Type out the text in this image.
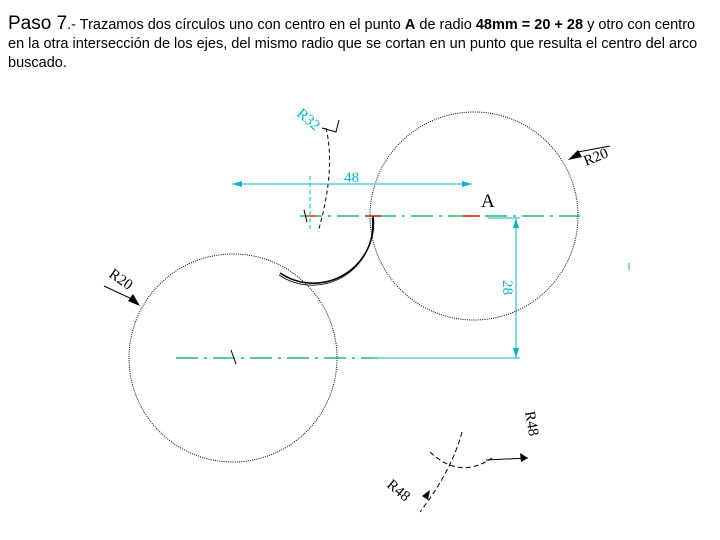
Paso 7.- Trazamos dos círculos uno con centro en el punto A de radio 48mm = 20 + 28 y otro con centro en la otra intersección de los ejes, del mismo radio que se cortan en un punto que resulta el centro del arco buscado.
R32
R20
48
A
28
R20
R48
R48
